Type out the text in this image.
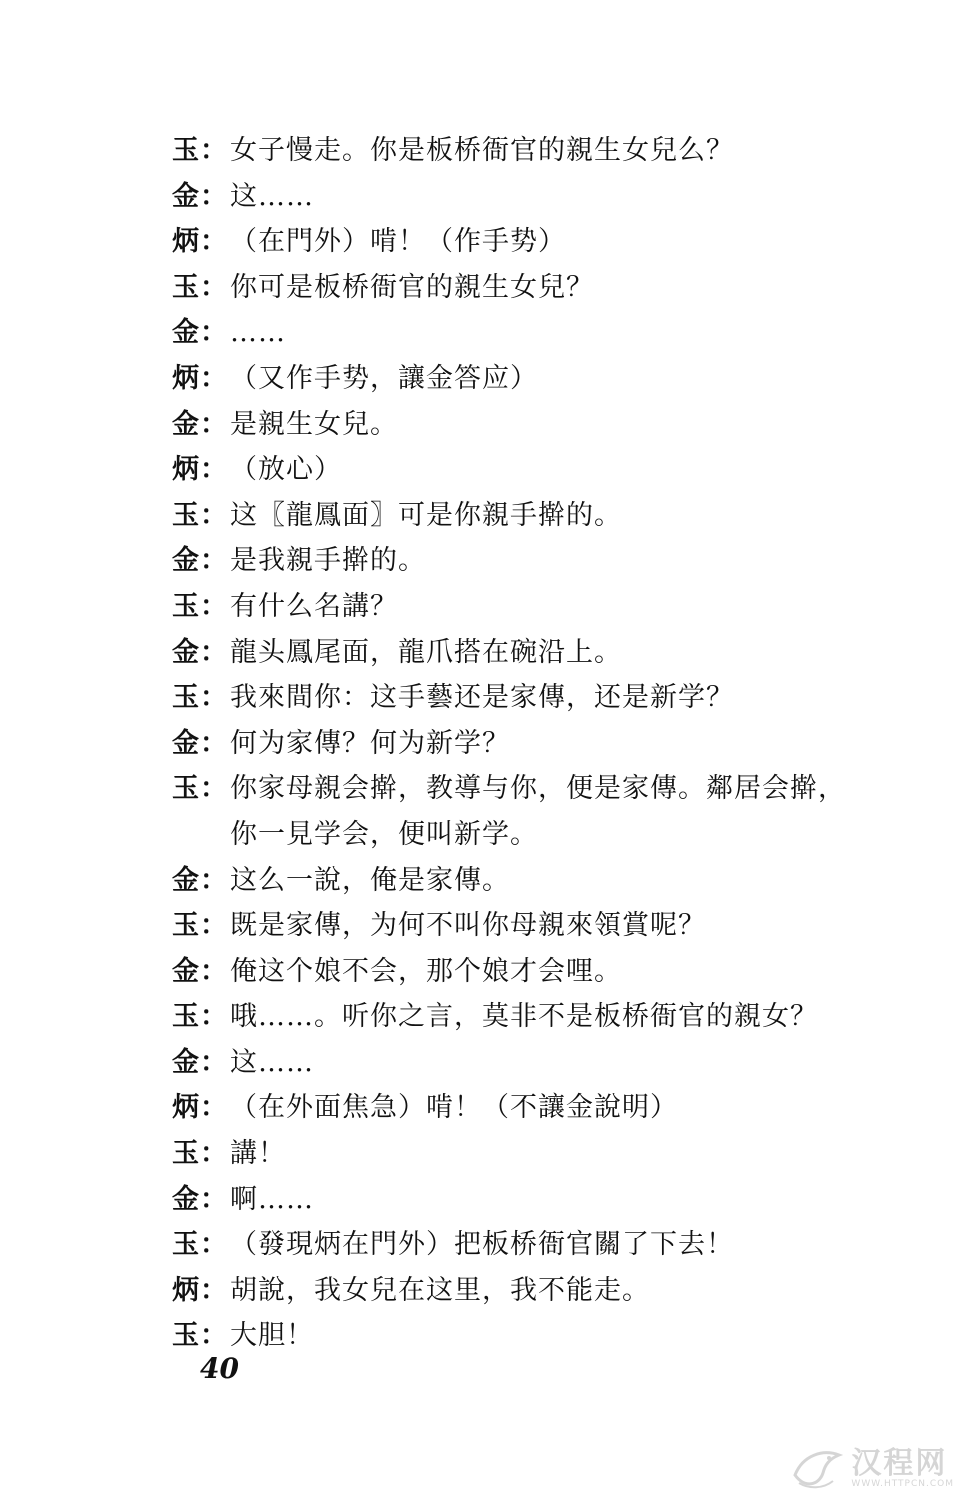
玉： 女子慢走。你是板桥衙官的親生女兒么？
金： 这……
炳： （在門外）啃！（作手势）
玉： 你可是板桥衙官的親生女兒？
金： ……
炳： （又作手势，讓金答应）
金： 是親生女兒。
炳： （放心）
玉： 这〖龍鳳面〗可是你親手擀的。
金： 是我親手擀的。
玉： 有什么名講？
金： 龍头鳳尾面，龍爪搭在碗沿上。
玉： 我來間你：这手藝还是家傳，还是新学？
金： 何为家傳？何为新学？
玉： 你家母親会擀，教導与你，便是家傳。鄰居会擀，
你一見学会，便叫新学。
金： 这么一說，俺是家傳。
玉： 既是家傳，为何不叫你母親來領賞呢？
金： 俺这个娘不会，那个娘才会哩。
玉： 哦……。听你之言，莫非不是板桥衙官的親女？
金： 这……
炳： （在外面焦急）啃！（不讓金說明）
玉： 講！
金： 啊……
玉： （發現炳在門外）把板桥衙官關了下去！
炳： 胡說，我女兒在这里，我不能走。
玉： 大胆！
40
汉程网
WWW.HTTPCN.COM
